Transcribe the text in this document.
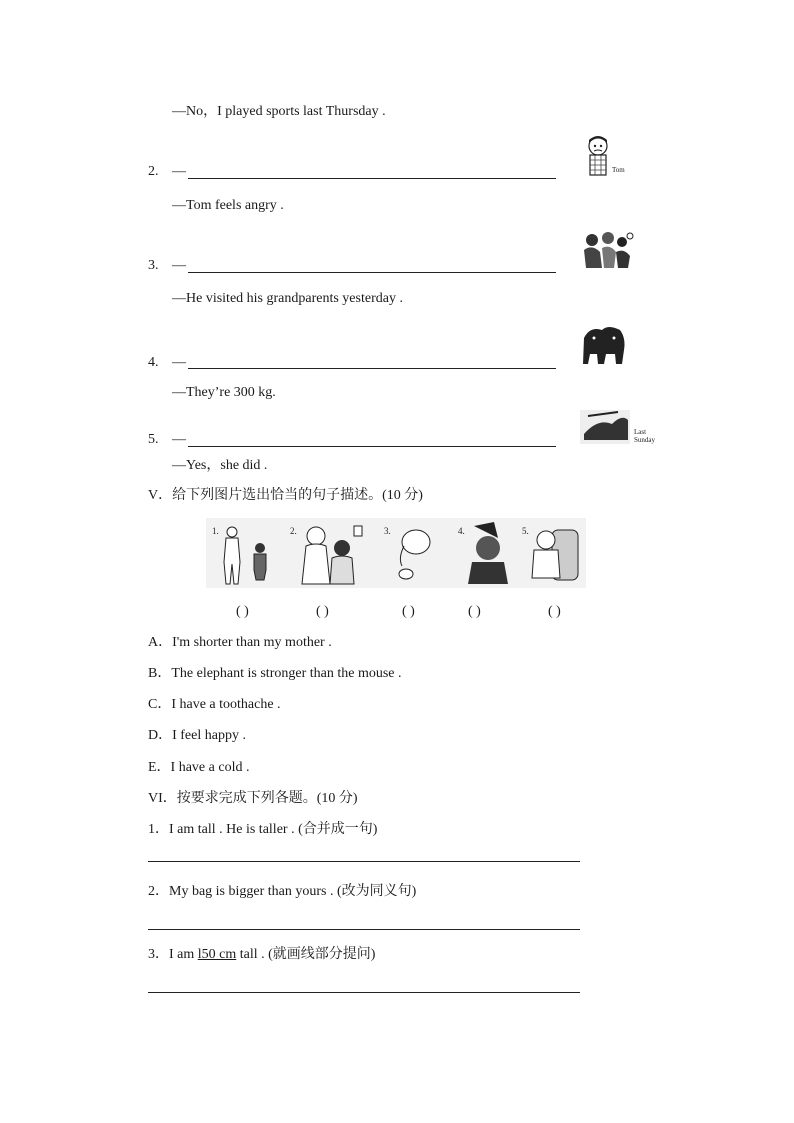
—No，I played sports last Thursday .
2. —
—Tom feels angry .
Tom
3. —
—He visited his grandparents yesterday .
4. —
—They’re 300 kg.
5. —
—Yes，she did .
Last
Sunday
V．给下列图片选出恰当的句子描述。(10 分)
1.	2.	3.	4.	5.
( )	( )	( )	( )	( )
A．I'm shorter than my mother .
B．The elephant is stronger than the mouse .
C．I have a toothache .
D．I feel happy .
E．I have a cold .
VI．按要求完成下列各题。(10 分)
1．I am tall . He is taller . (合并成一句)
2．My bag is bigger than yours . (改为同义句)
3．I am l50 cm tall . (就画线部分提问)
